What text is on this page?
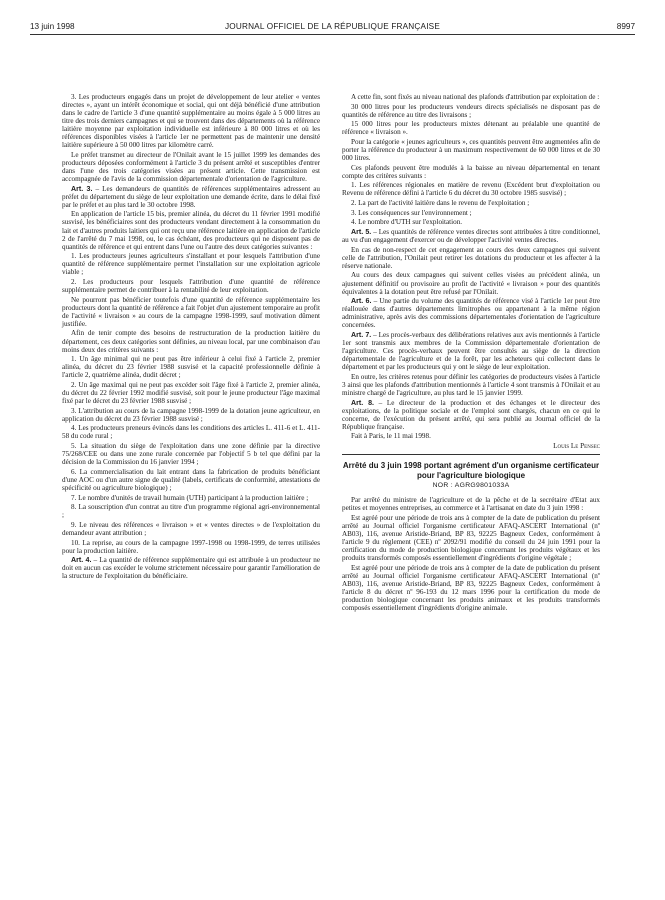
13 juin 1998	JOURNAL OFFICIEL DE LA RÉPUBLIQUE FRANÇAISE	8997

3. Les producteurs engagés dans un projet de développement de leur atelier « ventes directes », ayant un intérêt économique et social, qui ont déjà bénéficié d'une attribution dans le cadre de l'article 3 d'une quantité supplémentaire au moins égale à 5 000 litres au titre des trois derniers campagnes et qui se trouvent dans des départements où la référence laitière moyenne par exploitation individuelle est inférieure à 80 000 litres et où les références disponibles visées à l'article 1er ne permettent pas de maintenir une densité laitière supérieure à 50 000 litres par kilomètre carré.

Le préfet transmet au directeur de l'Onilait avant le 15 juillet 1999 les demandes des producteurs déposées conformément à l'article 3 du présent arrêté et susceptibles d'entrer dans l'une des trois catégories visées au présent article. Cette transmission est accompagnée de l'avis de la commission départementale d'orientation de l'agriculture.

Art. 3. – Les demandeurs de quantités de références supplémentaires adressent au préfet du département du siège de leur exploitation une demande écrite, dans le délai fixé par le préfet et au plus tard le 30 octobre 1998.

En application de l'article 15 bis, premier alinéa, du décret du 11 février 1991 modifié susvisé, les bénéficiaires sont des producteurs vendant directement à la consommation du lait et d'autres produits laitiers qui ont reçu une référence laitière en application de l'article 2 de l'arrêté du 7 mai 1998, ou, le cas échéant, des producteurs qui ne disposent pas de quantités de référence et qui entrent dans l'une ou l'autre des deux catégories suivantes :

1. Les producteurs jeunes agriculteurs s'installant et pour lesquels l'attribution d'une quantité de référence supplémentaire permet l'installation sur une exploitation agricole viable ;

2. Les producteurs pour lesquels l'attribution d'une quantité de référence supplémentaire permet de contribuer à la rentabilité de leur exploitation.

Ne pourront pas bénéficier toutefois d'une quantité de référence supplémentaire les producteurs dont la quantité de référence a fait l'objet d'un ajustement temporaire au profit de l'activité « livraison » au cours de la campagne 1998-1999, sauf motivation dûment justifiée.

Afin de tenir compte des besoins de restructuration de la production laitière du département, ces deux catégories sont définies, au niveau local, par une combinaison d'au moins deux des critères suivants :

1. Un âge minimal qui ne peut pas être inférieur à celui fixé à l'article 2, premier alinéa, du décret du 23 février 1988 susvisé et la capacité professionnelle définie à l'article 2, quatrième alinéa, dudit décret ;

2. Un âge maximal qui ne peut pas excéder soit l'âge fixé à l'article 2, premier alinéa, du décret du 22 février 1992 modifié susvisé, soit pour le jeune producteur l'âge maximal fixé par le décret du 23 février 1988 susvisé ;

3. L'attribution au cours de la campagne 1998-1999 de la dotation jeune agriculteur, en application du décret du 23 février 1988 susvisé ;

4. Les producteurs preneurs évincés dans les conditions des articles L. 411-6 et L. 411-58 du code rural ;

5. La situation du siège de l'exploitation dans une zone définie par la directive 75/268/CEE ou dans une zone rurale concernée par l'objectif 5 b tel que défini par la décision de la Commission du 16 janvier 1994 ;

6. La commercialisation du lait entrant dans la fabrication de produits bénéficiant d'une AOC ou d'un autre signe de qualité (labels, certificats de conformité, attestations de spécificité ou agriculture biologique) ;

7. Le nombre d'unités de travail humain (UTH) participant à la production laitière ;

8. La souscription d'un contrat au titre d'un programme régional agri-environnemental ;

9. Le niveau des références « livraison » et « ventes directes » de l'exploitation du demandeur avant attribution ;

10. La reprise, au cours de la campagne 1997-1998 ou 1998-1999, de terres utilisées pour la production laitière.

Art. 4. – La quantité de référence supplémentaire qui est attribuée à un producteur ne doit en aucun cas excéder le volume strictement nécessaire pour garantir l'amélioration de la structure de l'exploitation du bénéficiaire.

A cette fin, sont fixés au niveau national des plafonds d'attribution par exploitation de :

30 000 litres pour les producteurs vendeurs directs spécialisés ne disposant pas de quantités de référence au titre des livraisons ;

15 000 litres pour les producteurs mixtes détenant au préalable une quantité de référence « livraison ».

Pour la catégorie « jeunes agriculteurs », ces quantités peuvent être augmentées afin de porter la référence du producteur à un maximum respectivement de 60 000 litres et de 30 000 litres.

Ces plafonds peuvent être modulés à la baisse au niveau départemental en tenant compte des critères suivants :

1. Les références régionales en matière de revenu (Excédent brut d'exploitation ou Revenu de référence défini à l'article 6 du décret du 30 octobre 1985 susvisé) ;

2. La part de l'activité laitière dans le revenu de l'exploitation ;

3. Les conséquences sur l'environnement ;

4. Le nombre d'UTH sur l'exploitation.

Art. 5. – Les quantités de référence ventes directes sont attribuées à titre conditionnel, au vu d'un engagement d'exercer ou de développer l'activité ventes directes.

En cas de non-respect de cet engagement au cours des deux campagnes qui suivent celle de l'attribution, l'Onilait peut retirer les dotations du producteur et les affecter à la réserve nationale.

Au cours des deux campagnes qui suivent celles visées au précédent alinéa, un ajustement définitif ou provisoire au profit de l'activité « livraison » pour des quantités équivalentes à la dotation peut être refusé par l'Onilait.

Art. 6. – Une partie du volume des quantités de référence visé à l'article 1er peut être réallouée dans d'autres départements limitrophes ou appartenant à la même région administrative, après avis des commissions départementales d'orientation de l'agriculture concernées.

Art. 7. – Les procès-verbaux des délibérations relatives aux avis mentionnés à l'article 1er sont transmis aux membres de la Commission départementale d'orientation de l'agriculture. Ces procès-verbaux peuvent être consultés au siège de la direction départementale de l'agriculture et de la forêt, par les acheteurs qui collectent dans le département et par les producteurs qui y ont le siège de leur exploitation.

En outre, les critères retenus pour définir les catégories de producteurs visées à l'article 3 ainsi que les plafonds d'attribution mentionnés à l'article 4 sont transmis à l'Onilait et au ministre chargé de l'agriculture, au plus tard le 15 janvier 1999.

Art. 8. – Le directeur de la production et des échanges et le directeur des exploitations, de la politique sociale et de l'emploi sont chargés, chacun en ce qui le concerne, de l'exécution du présent arrêté, qui sera publié au Journal officiel de la République française.

Fait à Paris, le 11 mai 1998.

Louis Le Pensec

Arrêté du 3 juin 1998 portant agrément d'un organisme certificateur pour l'agriculture biologique
NOR : AGRG9801033A

Par arrêté du ministre de l'agriculture et de la pêche et de la secrétaire d'Etat aux petites et moyennes entreprises, au commerce et à l'artisanat en date du 3 juin 1998 :

Est agréé pour une période de trois ans à compter de la date de publication du présent arrêté au Journal officiel l'organisme certificateur AFAQ-ASCERT International (nº AB03), 116, avenue Aristide-Briand, BP 83, 92225 Bagneux Cedex, conformément à l'article 9 du règlement (CEE) nº 2092/91 modifié du conseil du 24 juin 1991 pour la certification du mode de production biologique concernant les produits végétaux et les produits transformés composés essentiellement d'ingrédients d'origine végétale ;

Est agréé pour une période de trois ans à compter de la date de publication du présent arrêté au Journal officiel l'organisme certificateur AFAQ-ASCERT International (nº AB03), 116, avenue Aristide-Briand, BP 83, 92225 Bagneux Cedex, conformément à l'article 8 du décret nº 96-193 du 12 mars 1996 pour la certification du mode de production biologique concernant les produits animaux et les produits transformés composés essentiellement d'ingrédients d'origine animale.
